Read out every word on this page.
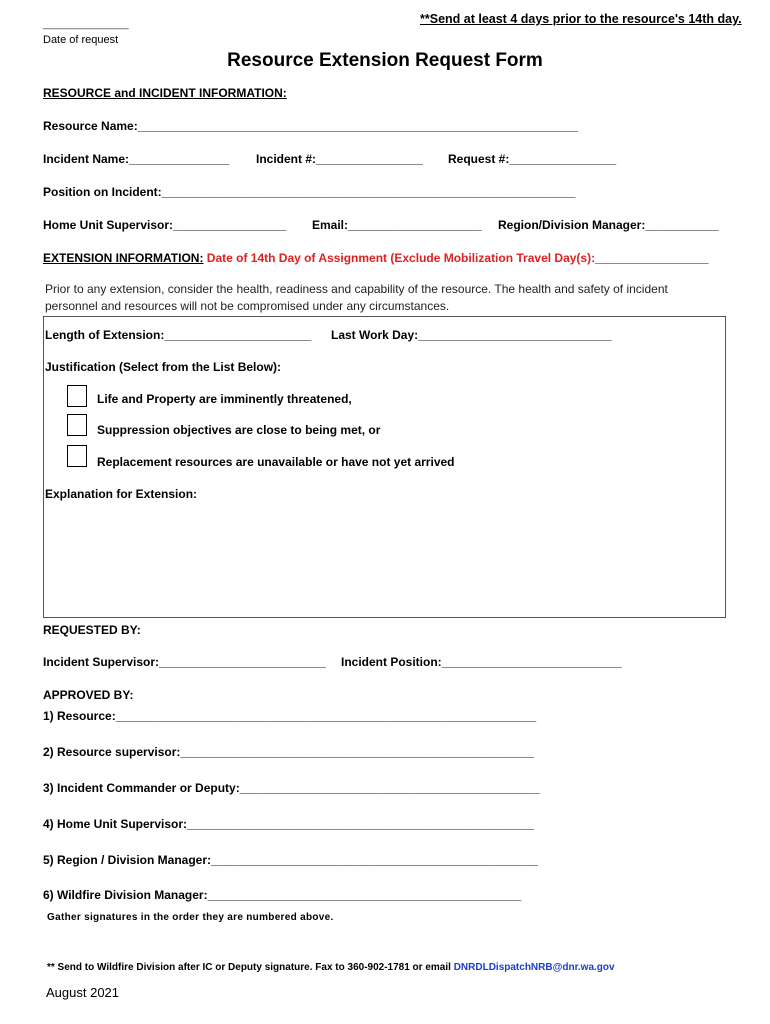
**Send at least 4 days prior to the resource's 14th day.
______________
Date of request
Resource Extension Request Form
RESOURCE and INCIDENT INFORMATION:
Resource Name:__________________________________________________________________
Incident Name:_______________ Incident #:________________ Request #:________________
Position on Incident:______________________________________________________________
Home Unit Supervisor:_________________ Email:____________________ Region/Division Manager:___________
EXTENSION INFORMATION: Date of 14th Day of Assignment (Exclude Mobilization Travel Day(s):_________________
Prior to any extension, consider the health, readiness and capability of the resource. The health and safety of incident
personnel and resources will not be compromised under any circumstances.
Length of Extension:______________________ Last Work Day:_____________________________
Justification (Select from the List Below):
Life and Property are imminently threatened,
Suppression objectives are close to being met, or
Replacement resources are unavailable or have not yet arrived
Explanation for Extension:
REQUESTED BY:
Incident Supervisor:_________________________ Incident Position:___________________________
APPROVED BY:
1) Resource:_______________________________________________________________
2) Resource supervisor:_____________________________________________________
3) Incident Commander or Deputy:_____________________________________________
4) Home Unit Supervisor:____________________________________________________
5) Region / Division Manager:_________________________________________________
6) Wildfire Division Manager:_______________________________________________
Gather signatures in the order they are numbered above.
** Send to Wildfire Division after IC or Deputy signature. Fax to 360-902-1781 or email DNRDLDispatchNRB@dnr.wa.gov
August 2021
